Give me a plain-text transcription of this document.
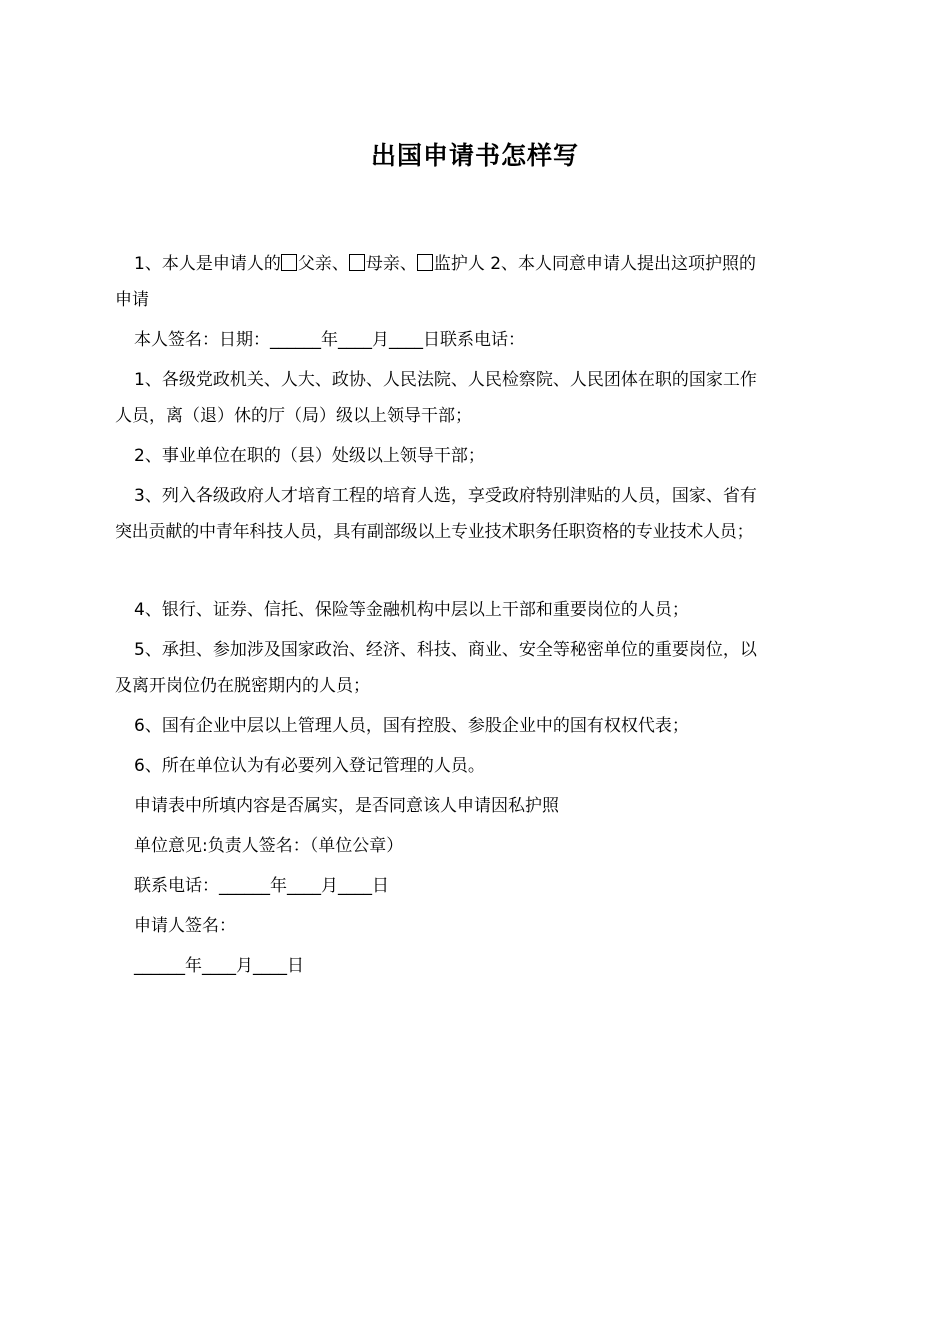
出国申请书怎样写
1、本人是申请人的 父亲、 母亲、 监护人 2、本人同意申请人提出这项护照的
申请
本人签名：日期：______年____月____日联系电话：
1、各级党政机关、人大、政协、人民法院、人民检察院、人民团体在职的国家工作
人员，离（退）休的厅（局）级以上领导干部；
2、事业单位在职的（县）处级以上领导干部；
3、列入各级政府人才培育工程的培育人选，享受政府特别津贴的人员，国家、省有
突出贡献的中青年科技人员，具有副部级以上专业技术职务任职资格的专业技术人员；
4、银行、证券、信托、保险等金融机构中层以上干部和重要岗位的人员；
5、承担、参加涉及国家政治、经济、科技、商业、安全等秘密单位的重要岗位，以
及离开岗位仍在脱密期内的人员；
6、国有企业中层以上管理人员，国有控股、参股企业中的国有权权代表；
6、所在单位认为有必要列入登记管理的人员。
申请表中所填内容是否属实，是否同意该人申请因私护照
单位意见:负责人签名：（单位公章）
联系电话：______年____月____日
申请人签名：
______年____月____日
